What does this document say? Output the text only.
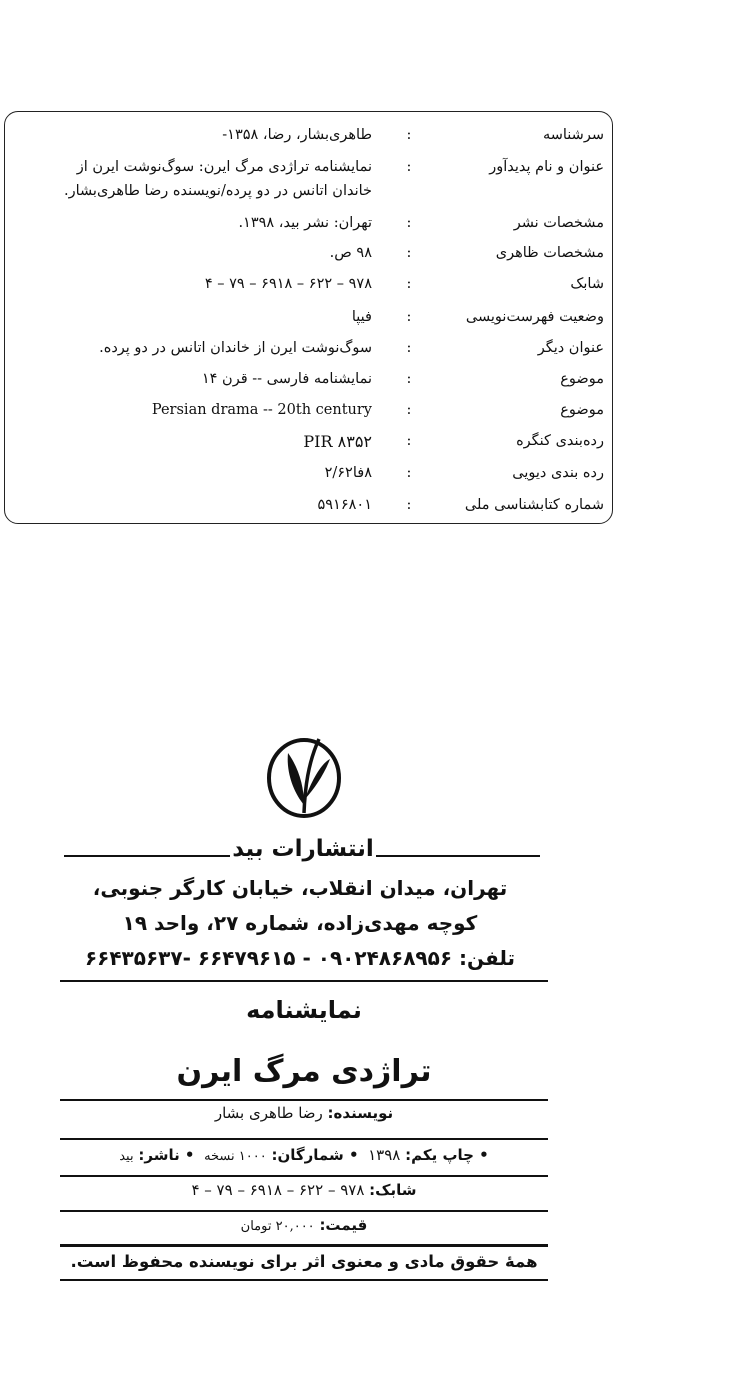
سرشناسه
:
طاهری‌بشار، رضا، ۱۳۵۸-
عنوان و نام پدیدآور
:
نمایشنامه تراژدی مرگ ایرن: سوگ‌نوشت ایرن از
خاندان اتانس در دو پرده/نویسنده رضا طاهری‌بشار.
مشخصات نشر
:
تهران: نشر بید، ۱۳۹۸.
مشخصات ظاهری
:
۹۸ ص.
شابک
:
۹۷۸ – ۶۲۲ – ۶۹۱۸ – ۷۹ – ۴
وضعیت فهرست‌نویسی
:
فیپا
عنوان دیگر
:
سوگ‌نوشت ایرن از خاندان اتانس در دو پرده.
موضوع
:
نمایشنامه فارسی -- قرن ۱۴
موضوع
:
Persian drama -- 20th century
رده‌بندی کنگره
:
PIR ۸۳۵۲
رده بندی دیویی
:
۸فا۲/۶۲
شماره کتابشناسی ملی
:
۵۹۱۶۸۰۱
انتشارات بید
تهران، میدان انقلاب، خیابان کارگر جنوبی،
کوچه مهدی‌زاده، شماره ۲۷، واحد ۱۹
تلفن: ۰۹۰۲۴۸۶۸۹۵۶ - ۶۶۴۷۹۶۱۵ -۶۶۴۳۵۶۳۷
نمایشنامه
تراژدی مرگ ایرن
نویسنده: رضا طاهری بشار
• چاپ یکم: ۱۳۹۸  • شمارگان: ۱۰۰۰ نسخه  • ناشر: بید
شابک: ۹۷۸ – ۶۲۲ – ۶۹۱۸ – ۷۹ – ۴
قیمت: ۲۰,۰۰۰ تومان
همهٔ حقوق مادی و معنوی اثر برای نویسنده محفوظ است.
